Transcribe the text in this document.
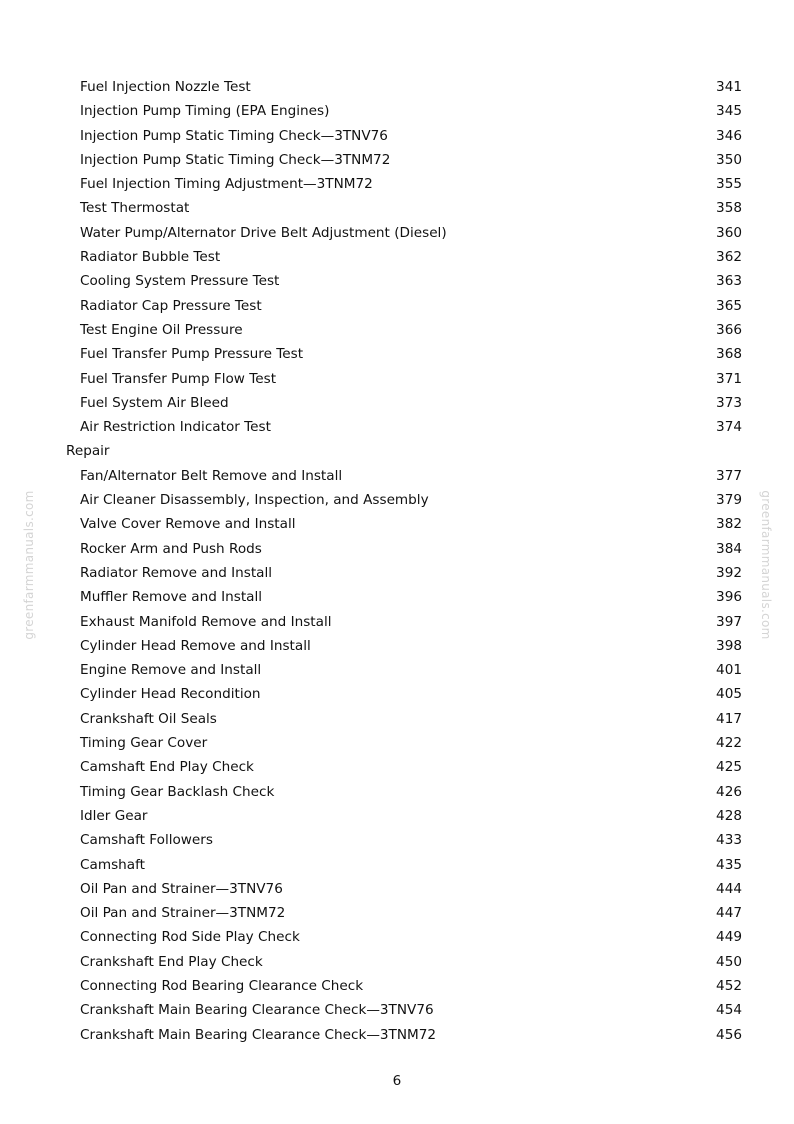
greenfarmmanuals.com	greenfarmmanuals.com
Fuel Injection Nozzle Test	341
Injection Pump Timing (EPA Engines)	345
Injection Pump Static Timing Check—3TNV76	346
Injection Pump Static Timing Check—3TNM72	350
Fuel Injection Timing Adjustment—3TNM72	355
Test Thermostat	358
Water Pump/Alternator Drive Belt Adjustment (Diesel)	360
Radiator Bubble Test	362
Cooling System Pressure Test	363
Radiator Cap Pressure Test	365
Test Engine Oil Pressure	366
Fuel Transfer Pump Pressure Test	368
Fuel Transfer Pump Flow Test	371
Fuel System Air Bleed	373
Air Restriction Indicator Test	374
Repair
Fan/Alternator Belt Remove and Install	377
Air Cleaner Disassembly, Inspection, and Assembly	379
Valve Cover Remove and Install	382
Rocker Arm and Push Rods	384
Radiator Remove and Install	392
Muffler Remove and Install	396
Exhaust Manifold Remove and Install	397
Cylinder Head Remove and Install	398
Engine Remove and Install	401
Cylinder Head Recondition	405
Crankshaft Oil Seals	417
Timing Gear Cover	422
Camshaft End Play Check	425
Timing Gear Backlash Check	426
Idler Gear	428
Camshaft Followers	433
Camshaft	435
Oil Pan and Strainer—3TNV76	444
Oil Pan and Strainer—3TNM72	447
Connecting Rod Side Play Check	449
Crankshaft End Play Check	450
Connecting Rod Bearing Clearance Check	452
Crankshaft Main Bearing Clearance Check—3TNV76	454
Crankshaft Main Bearing Clearance Check—3TNM72	456
6
